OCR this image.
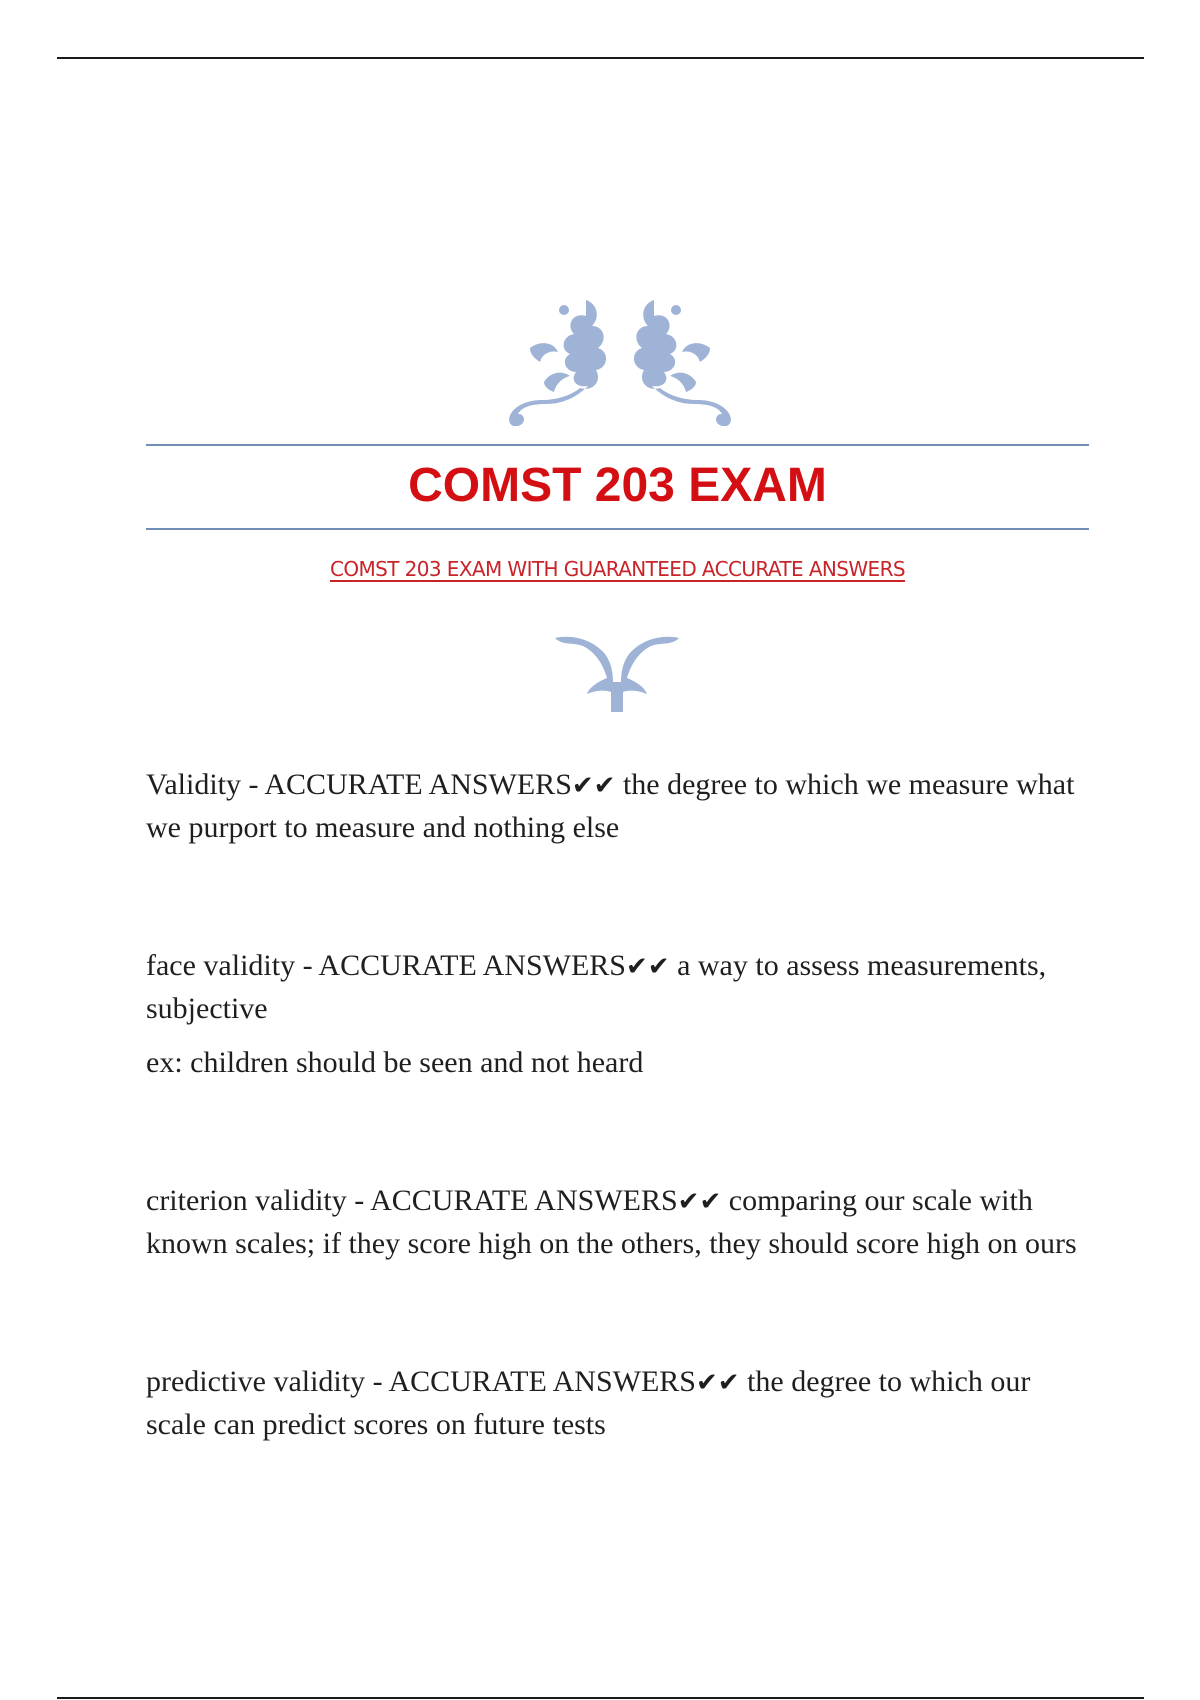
COMST 203 EXAM
COMST 203 EXAM WITH GUARANTEED ACCURATE ANSWERS

Validity - ACCURATE ANSWERS✔✔ the degree to which we measure what we purport to measure and nothing else

face validity - ACCURATE ANSWERS✔✔ a way to assess measurements, subjective

ex: children should be seen and not heard

criterion validity - ACCURATE ANSWERS✔✔ comparing our scale with known scales; if they score high on the others, they should score high on ours

predictive validity - ACCURATE ANSWERS✔✔ the degree to which our scale can predict scores on future tests
